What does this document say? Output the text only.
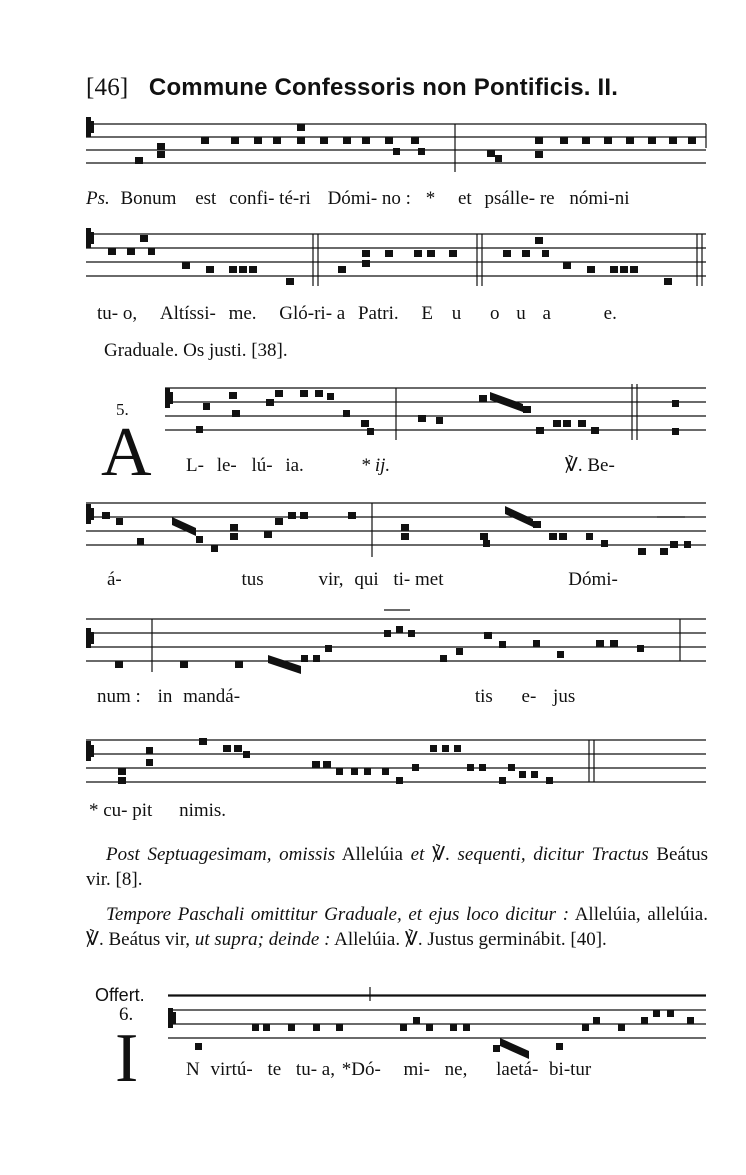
[46] Commune Confessoris non Pontificis. II.
Ps. Bonum est confi- té-ri Dómi- no : * et psálle- re nómi-ni
tu- o, Altíssi- me. Gló-ri- a Patri. E u o u a	e.
Graduale. Os justi. [38].
5.
A L- le- lú- ia.	* ij.	℣. Be-
á-	tus	vir, qui ti- met	Dómi-
num : in mandá-	tis e- jus
* cu- pit nimis.
Post Septuagesimam, omissis Allelúia et ℣. sequenti, dicitur Tractus Beátus vir. [8].
Tempore Paschali omittitur Graduale, et ejus loco dicitur : Allelúia, allelúia. ℣. Beátus vir, ut supra; deinde : Allelúia. ℣. Justus germinábit. [40].
Offert.
6.
I	N virtú- te tu- a, *Dó- mi- ne, laetá- bi-tur
